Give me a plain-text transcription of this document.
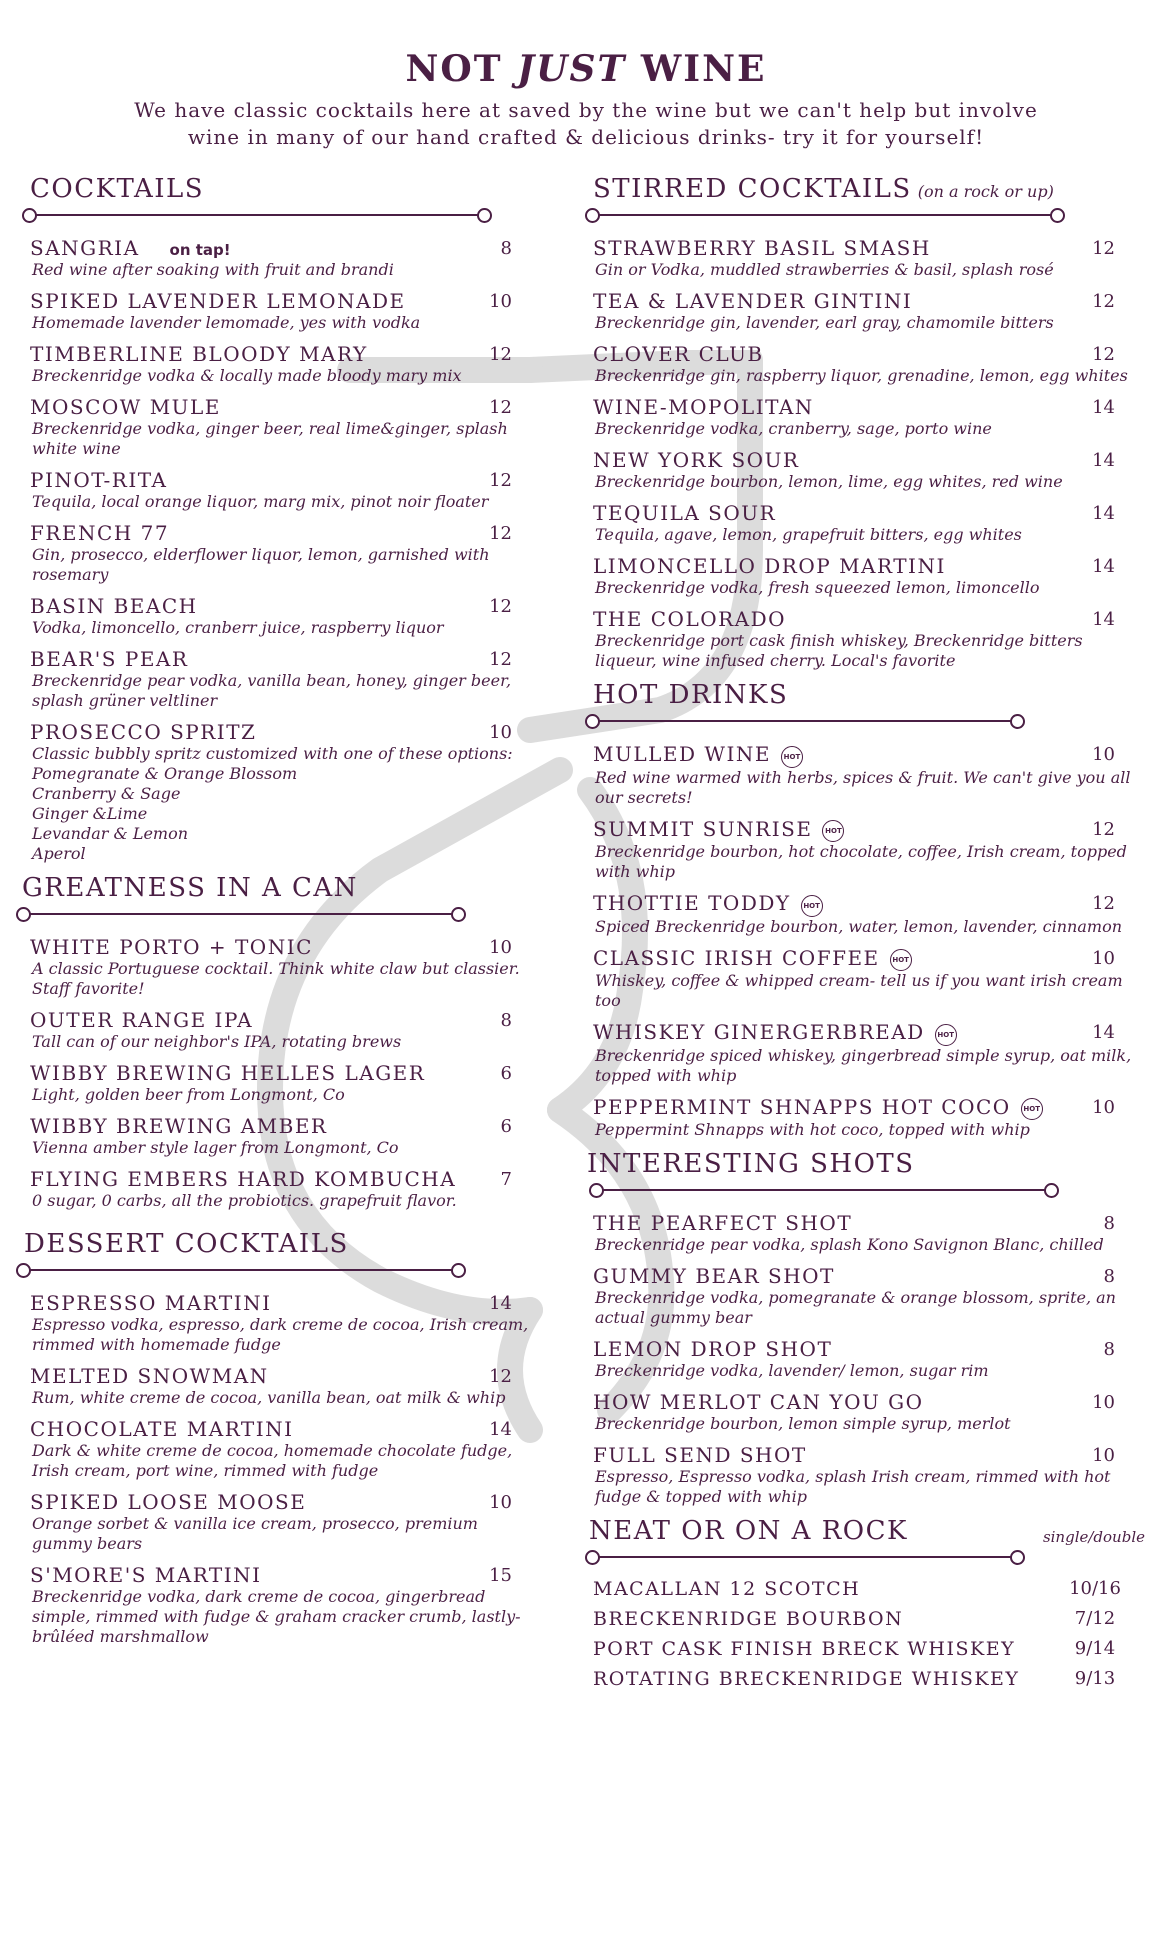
NOT JUST WINE
We have classic cocktails here at saved by the wine but we can't help but involve wine in many of our hand crafted & delicious drinks- try it for yourself!
COCKTAILS
SANGRIA on tap!	8
Red wine after soaking with fruit and brandi
SPIKED LAVENDER LEMONADE	10
Homemade lavender lemomade, yes with vodka
TIMBERLINE BLOODY MARY	12
Breckenridge vodka & locally made bloody mary mix
MOSCOW MULE	12
Breckenridge vodka, ginger beer, real lime&ginger, splash white wine
PINOT-RITA	12
Tequila, local orange liquor, marg mix, pinot noir floater
FRENCH 77	12
Gin, prosecco, elderflower liquor, lemon, garnished with rosemary
BASIN BEACH	12
Vodka, limoncello, cranberr juice, raspberry liquor
BEAR'S PEAR	12
Breckenridge pear vodka, vanilla bean, honey, ginger beer, splash grüner veltliner
PROSECCO SPRITZ	10
Classic bubbly spritz customized with one of these options:
Pomegranate & Orange Blossom
Cranberry & Sage
Ginger &Lime
Levandar & Lemon
Aperol
GREATNESS IN A CAN
WHITE PORTO + TONIC	10
A classic Portuguese cocktail. Think white claw but classier. Staff favorite!
OUTER RANGE IPA	8
Tall can of our neighbor's IPA, rotating brews
WIBBY BREWING HELLES LAGER	6
Light, golden beer from Longmont, Co
WIBBY BREWING AMBER	6
Vienna amber style lager from Longmont, Co
FLYING EMBERS HARD KOMBUCHA	7
0 sugar, 0 carbs, all the probiotics. grapefruit flavor.
DESSERT COCKTAILS
ESPRESSO MARTINI	14
Espresso vodka, espresso, dark creme de cocoa, Irish cream, rimmed with homemade fudge
MELTED SNOWMAN	12
Rum, white creme de cocoa, vanilla bean, oat milk & whip
CHOCOLATE MARTINI	14
Dark & white creme de cocoa, homemade chocolate fudge, Irish cream, port wine, rimmed with fudge
SPIKED LOOSE MOOSE	10
Orange sorbet & vanilla ice cream, prosecco, premium gummy bears
S'MORE'S MARTINI	15
Breckenridge vodka, dark creme de cocoa, gingerbread simple, rimmed with fudge & graham cracker crumb, lastly- brûléed marshmallow
STIRRED COCKTAILS (on a rock or up)
STRAWBERRY BASIL SMASH	12
Gin or Vodka, muddled strawberries & basil, splash rosé
TEA & LAVENDER GINTINI	12
Breckenridge gin, lavender, earl gray, chamomile bitters
CLOVER CLUB	12
Breckenridge gin, raspberry liquor, grenadine, lemon, egg whites
WINE-MOPOLITAN	14
Breckenridge vodka, cranberry, sage, porto wine
NEW YORK SOUR	14
Breckenridge bourbon, lemon, lime, egg whites, red wine
TEQUILA SOUR	14
Tequila, agave, lemon, grapefruit bitters, egg whites
LIMONCELLO DROP MARTINI	14
Breckenridge vodka, fresh squeezed lemon, limoncello
THE COLORADO	14
Breckenridge port cask finish whiskey, Breckenridge bitters liqueur, wine infused cherry. Local's favorite
HOT DRINKS
MULLED WINE HOT	10
Red wine warmed with herbs, spices & fruit. We can't give you all our secrets!
SUMMIT SUNRISE HOT	12
Breckenridge bourbon, hot chocolate, coffee, Irish cream, topped with whip
THOTTIE TODDY HOT	12
Spiced Breckenridge bourbon, water, lemon, lavender, cinnamon
CLASSIC IRISH COFFEE HOT	10
Whiskey, coffee & whipped cream- tell us if you want irish cream too
WHISKEY GINERGERBREAD HOT	14
Breckenridge spiced whiskey, gingerbread simple syrup, oat milk, topped with whip
PEPPERMINT SHNAPPS HOT COCO HOT	10
Peppermint Shnapps with hot coco, topped with whip
INTERESTING SHOTS
THE PEARFECT SHOT	8
Breckenridge pear vodka, splash Kono Savignon Blanc, chilled
GUMMY BEAR SHOT	8
Breckenridge vodka, pomegranate & orange blossom, sprite, an actual gummy bear
LEMON DROP SHOT	8
Breckenridge vodka, lavender/ lemon, sugar rim
HOW MERLOT CAN YOU GO	10
Breckenridge bourbon, lemon simple syrup, merlot
FULL SEND SHOT	10
Espresso, Espresso vodka, splash Irish cream, rimmed with hot fudge & topped with whip
NEAT OR ON A ROCK	single/double
MACALLAN 12 SCOTCH	10/16
BRECKENRIDGE BOURBON	7/12
PORT CASK FINISH BRECK WHISKEY	9/14
ROTATING BRECKENRIDGE WHISKEY	9/13
